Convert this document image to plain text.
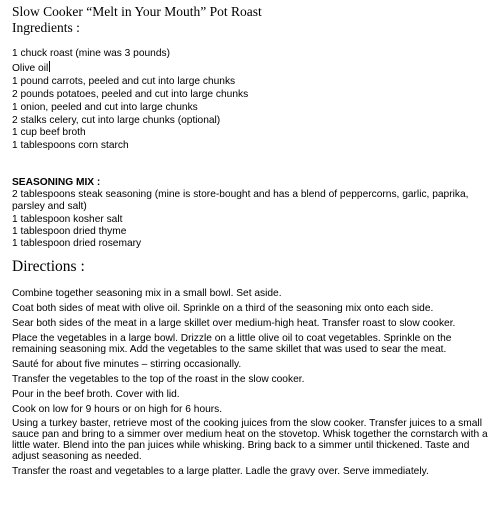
Slow Cooker “Melt in Your Mouth” Pot Roast
Ingredients :
1 chuck roast (mine was 3 pounds)
Olive oil
1 pound carrots, peeled and cut into large chunks
2 pounds potatoes, peeled and cut into large chunks
1 onion, peeled and cut into large chunks
2 stalks celery, cut into large chunks (optional)
1 cup beef broth
1 tablespoons corn starch
SEASONING MIX :
2 tablespoons steak seasoning (mine is store-bought and has a blend of peppercorns, garlic, paprika, parsley and salt)
1 tablespoon kosher salt
1 tablespoon dried thyme
1 tablespoon dried rosemary
Directions :
Combine together seasoning mix in a small bowl. Set aside.
Coat both sides of meat with olive oil. Sprinkle on a third of the seasoning mix onto each side.
Sear both sides of the meat in a large skillet over medium-high heat. Transfer roast to slow cooker.
Place the vegetables in a large bowl. Drizzle on a little olive oil to coat vegetables. Sprinkle on the remaining seasoning mix. Add the vegetables to the same skillet that was used to sear the meat.
Sauté for about five minutes – stirring occasionally.
Transfer the vegetables to the top of the roast in the slow cooker.
Pour in the beef broth. Cover with lid.
Cook on low for 9 hours or on high for 6 hours.
Using a turkey baster, retrieve most of the cooking juices from the slow cooker. Transfer juices to a small sauce pan and bring to a simmer over medium heat on the stovetop. Whisk together the cornstarch with a little water. Blend into the pan juices while whisking. Bring back to a simmer until thickened. Taste and adjust seasoning as needed.
Transfer the roast and vegetables to a large platter. Ladle the gravy over. Serve immediately.
